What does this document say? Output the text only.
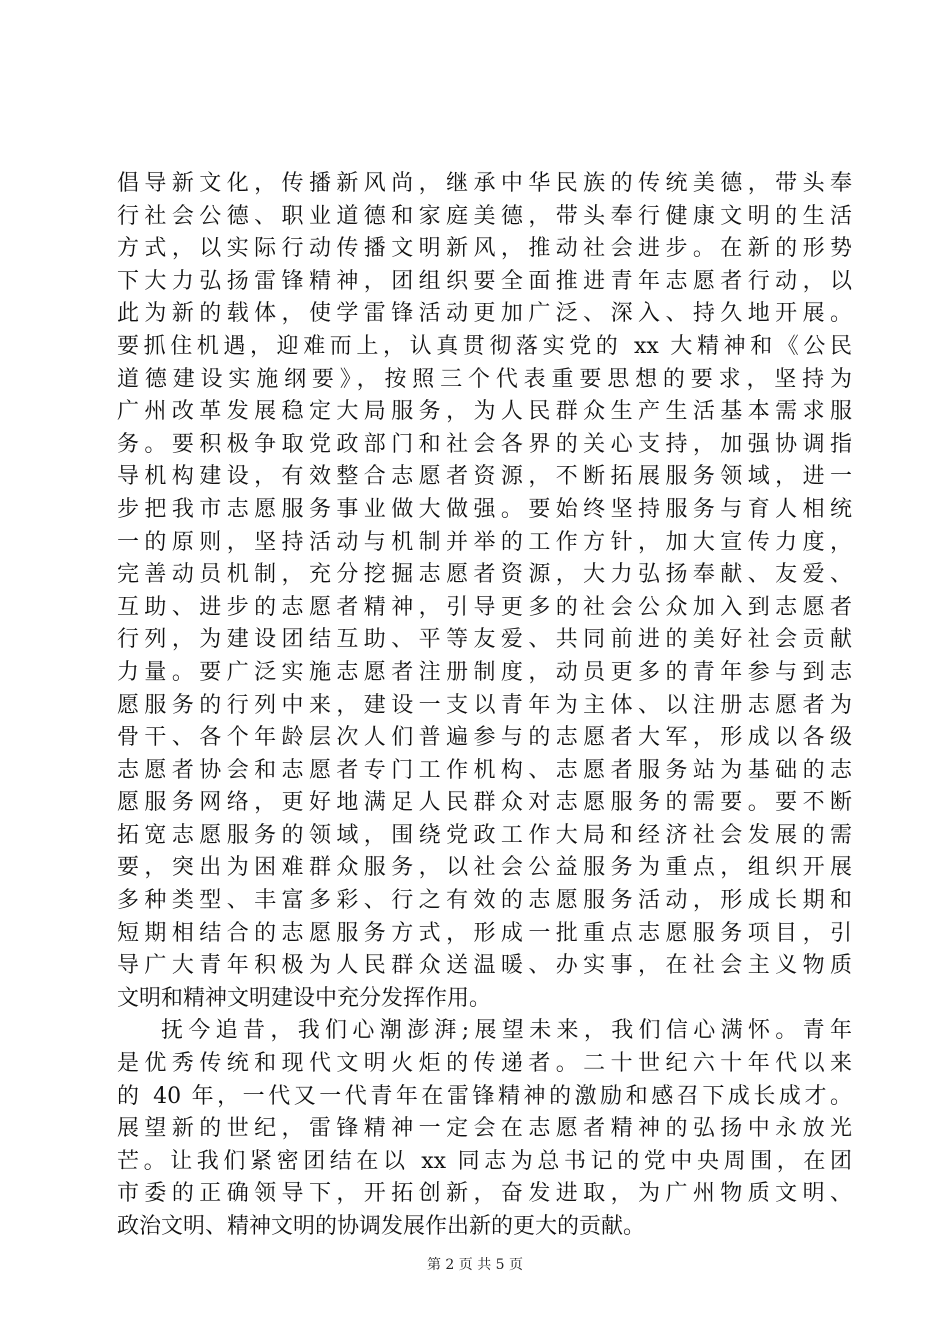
倡导新文化，传播新风尚，继承中华民族的传统美德，带头奉
行社会公德、职业道德和家庭美德，带头奉行健康文明的生活
方式，以实际行动传播文明新风，推动社会进步。在新的形势
下大力弘扬雷锋精神，团组织要全面推进青年志愿者行动，以
此为新的载体，使学雷锋活动更加广泛、深入、持久地开展。
要抓住机遇，迎难而上，认真贯彻落实党的 xx 大精神和《公民
道德建设实施纲要》，按照三个代表重要思想的要求，坚持为
广州改革发展稳定大局服务，为人民群众生产生活基本需求服
务。要积极争取党政部门和社会各界的关心支持，加强协调指
导机构建设，有效整合志愿者资源，不断拓展服务领域，进一
步把我市志愿服务事业做大做强。要始终坚持服务与育人相统
一的原则，坚持活动与机制并举的工作方针，加大宣传力度，
完善动员机制，充分挖掘志愿者资源，大力弘扬奉献、友爱、
互助、进步的志愿者精神，引导更多的社会公众加入到志愿者
行列，为建设团结互助、平等友爱、共同前进的美好社会贡献
力量。要广泛实施志愿者注册制度，动员更多的青年参与到志
愿服务的行列中来，建设一支以青年为主体、以注册志愿者为
骨干、各个年龄层次人们普遍参与的志愿者大军，形成以各级
志愿者协会和志愿者专门工作机构、志愿者服务站为基础的志
愿服务网络，更好地满足人民群众对志愿服务的需要。要不断
拓宽志愿服务的领域，围绕党政工作大局和经济社会发展的需
要，突出为困难群众服务，以社会公益服务为重点，组织开展
多种类型、丰富多彩、行之有效的志愿服务活动，形成长期和
短期相结合的志愿服务方式，形成一批重点志愿服务项目，引
导广大青年积极为人民群众送温暖、办实事，在社会主义物质
文明和精神文明建设中充分发挥作用。
抚今追昔，我们心潮澎湃;展望未来，我们信心满怀。青年
是优秀传统和现代文明火炬的传递者。二十世纪六十年代以来
的 40 年，一代又一代青年在雷锋精神的激励和感召下成长成才。
展望新的世纪，雷锋精神一定会在志愿者精神的弘扬中永放光
芒。让我们紧密团结在以 xx 同志为总书记的党中央周围，在团
市委的正确领导下，开拓创新，奋发进取，为广州物质文明、
政治文明、精神文明的协调发展作出新的更大的贡献。
第 2 页 共 5 页
